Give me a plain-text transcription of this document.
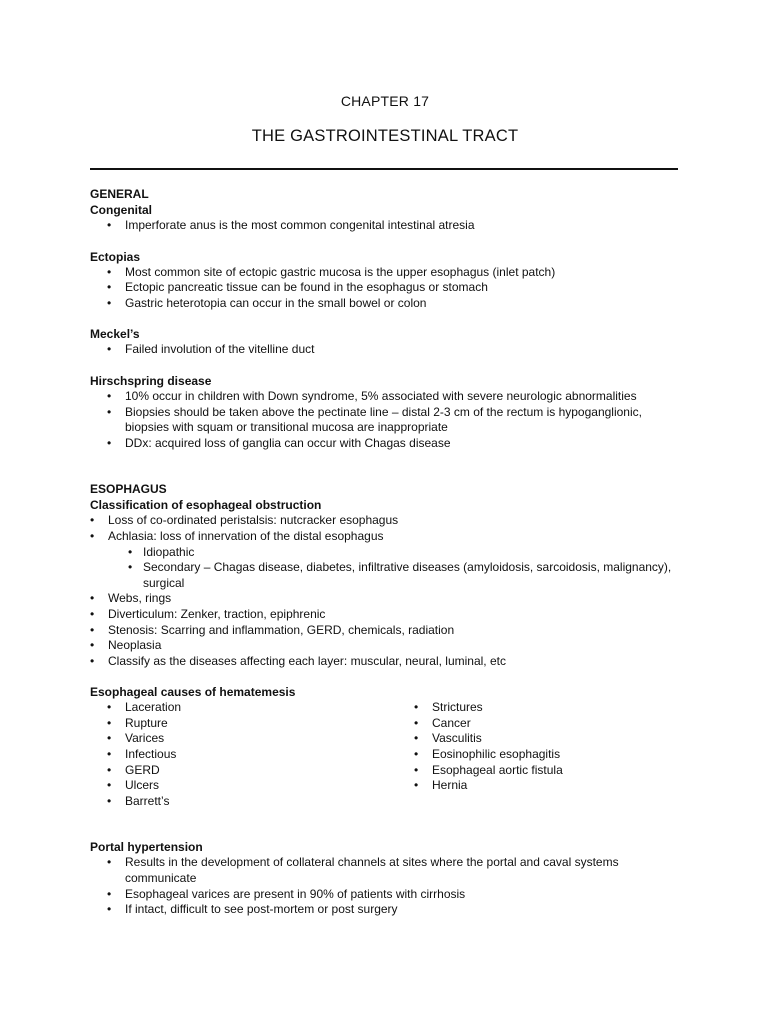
CHAPTER 17
THE GASTROINTESTINAL TRACT
GENERAL
Congenital
• Imperforate anus is the most common congenital intestinal atresia
Ectopias
• Most common site of ectopic gastric mucosa is the upper esophagus (inlet patch)
• Ectopic pancreatic tissue can be found in the esophagus or stomach
• Gastric heterotopia can occur in the small bowel or colon
Meckel’s
• Failed involution of the vitelline duct
Hirschspring disease
• 10% occur in children with Down syndrome, 5% associated with severe neurologic abnormalities
• Biopsies should be taken above the pectinate line – distal 2-3 cm of the rectum is hypoganglionic, biopsies with squam or transitional mucosa are inappropriate
• DDx: acquired loss of ganglia can occur with Chagas disease
ESOPHAGUS
Classification of esophageal obstruction
• Loss of co-ordinated peristalsis: nutcracker esophagus
• Achlasia: loss of innervation of the distal esophagus
• Idiopathic
• Secondary – Chagas disease, diabetes, infiltrative diseases (amyloidosis, sarcoidosis, malignancy), surgical
• Webs, rings
• Diverticulum: Zenker, traction, epiphrenic
• Stenosis: Scarring and inflammation, GERD, chemicals, radiation
• Neoplasia
• Classify as the diseases affecting each layer: muscular, neural, luminal, etc
Esophageal causes of hematemesis
• Laceration
• Rupture
• Varices
• Infectious
• GERD
• Ulcers
• Barrett’s
• Strictures
• Cancer
• Vasculitis
• Eosinophilic esophagitis
• Esophageal aortic fistula
• Hernia
Portal hypertension
• Results in the development of collateral channels at sites where the portal and caval systems communicate
• Esophageal varices are present in 90% of patients with cirrhosis
• If intact, difficult to see post-mortem or post surgery
